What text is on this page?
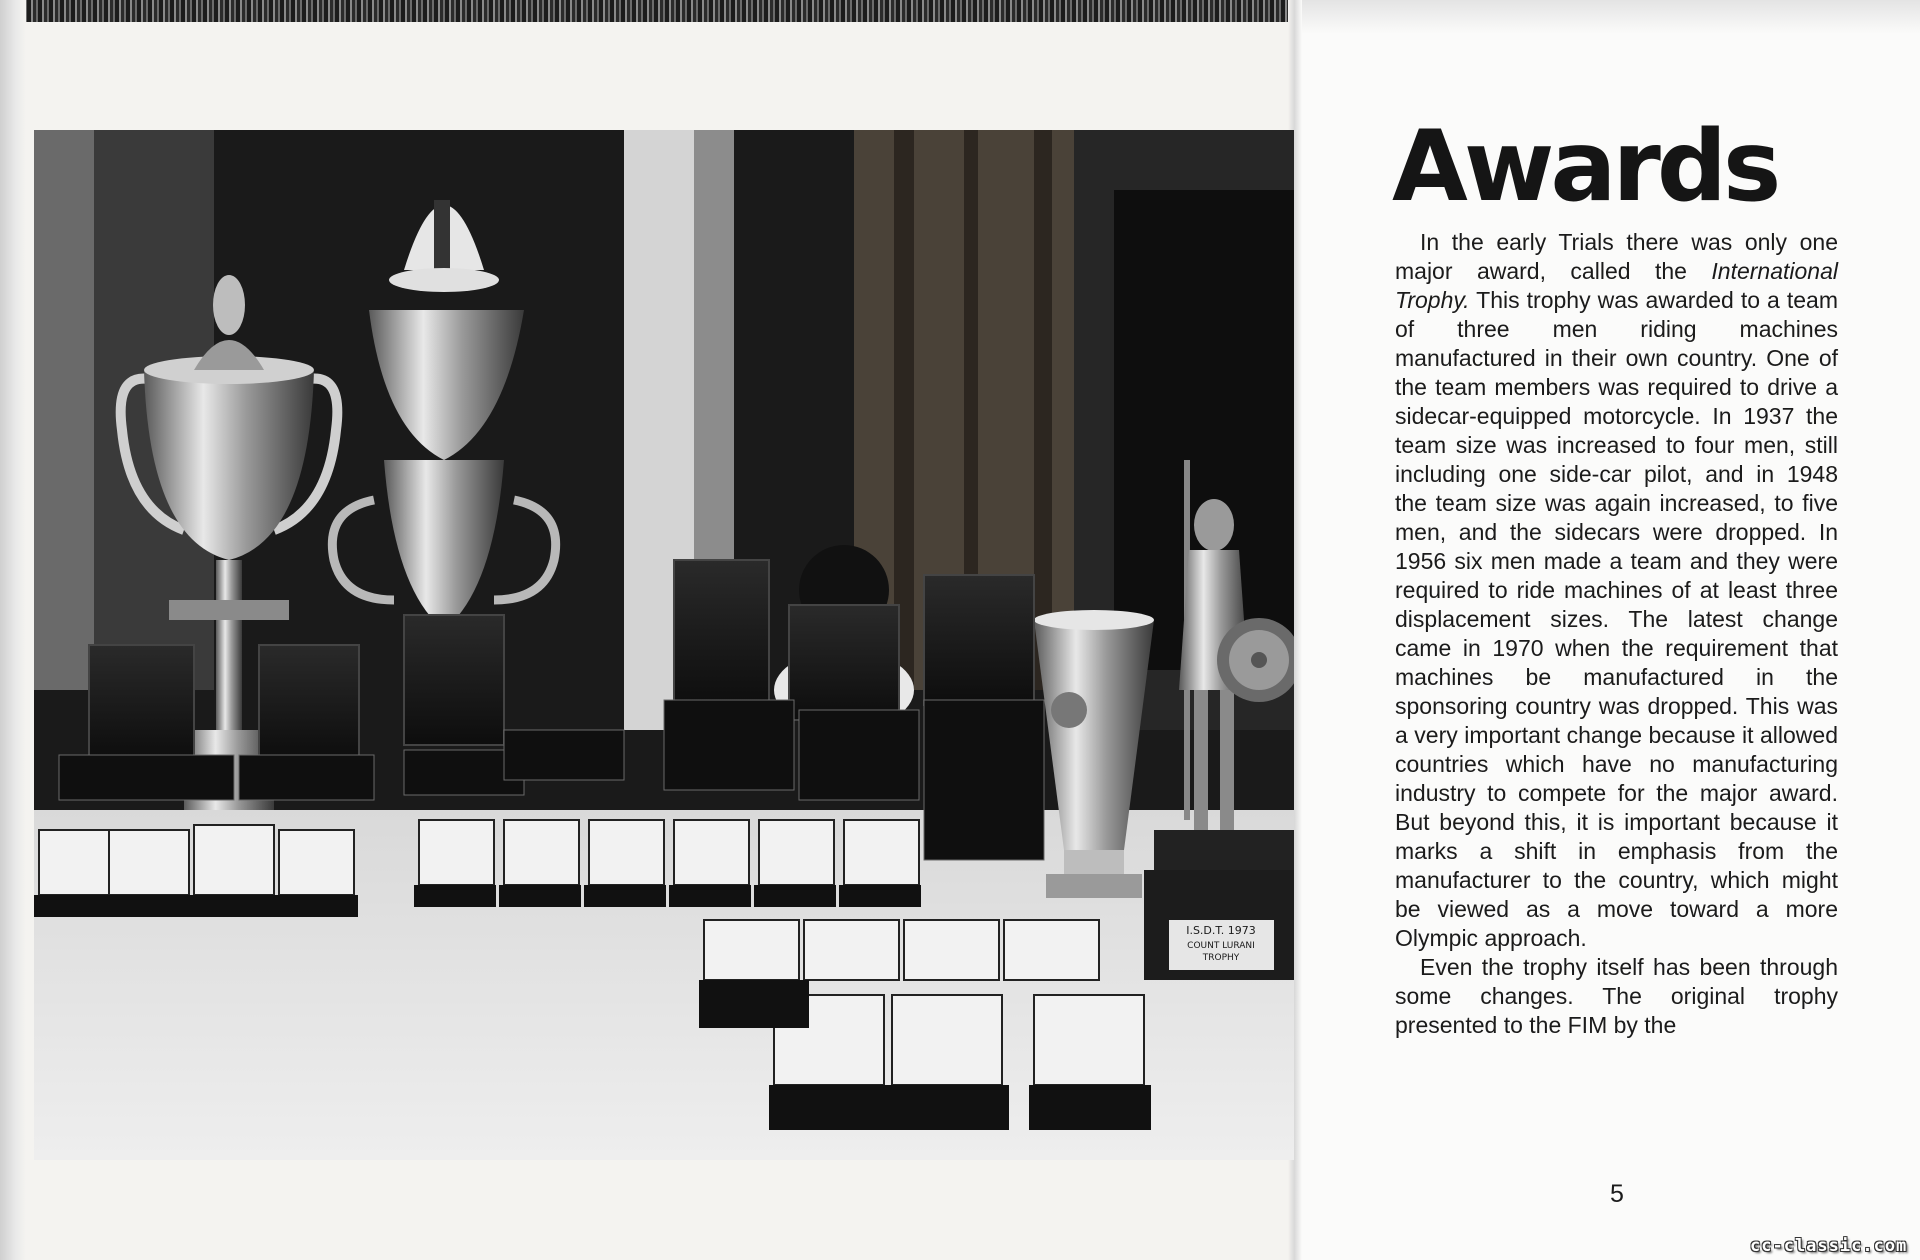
I.S.D.T. 1973
COUNT LURANI
TROPHY
Awards

In the early Trials there was only one major award, called the International Trophy. This trophy was awarded to a team of three men riding machines manufactured in their own country. One of the team members was required to drive a sidecar-equipped motorcycle. In 1937 the team size was increased to four men, still including one side-car pilot, and in 1948 the team size was again increased, to five men, and the sidecars were dropped. In 1956 six men made a team and they were required to ride machines of at least three displacement sizes. The latest change came in 1970 when the requirement that machines be manufactured in the sponsoring country was dropped. This was a very important change because it allowed countries which have no manufacturing industry to compete for the major award. But beyond this, it is important because it marks a shift in emphasis from the manufacturer to the country, which might be viewed as a move toward a more Olympic approach.

Even the trophy itself has been through some changes. The original trophy presented to the FIM by the

5
cc-classic.com
